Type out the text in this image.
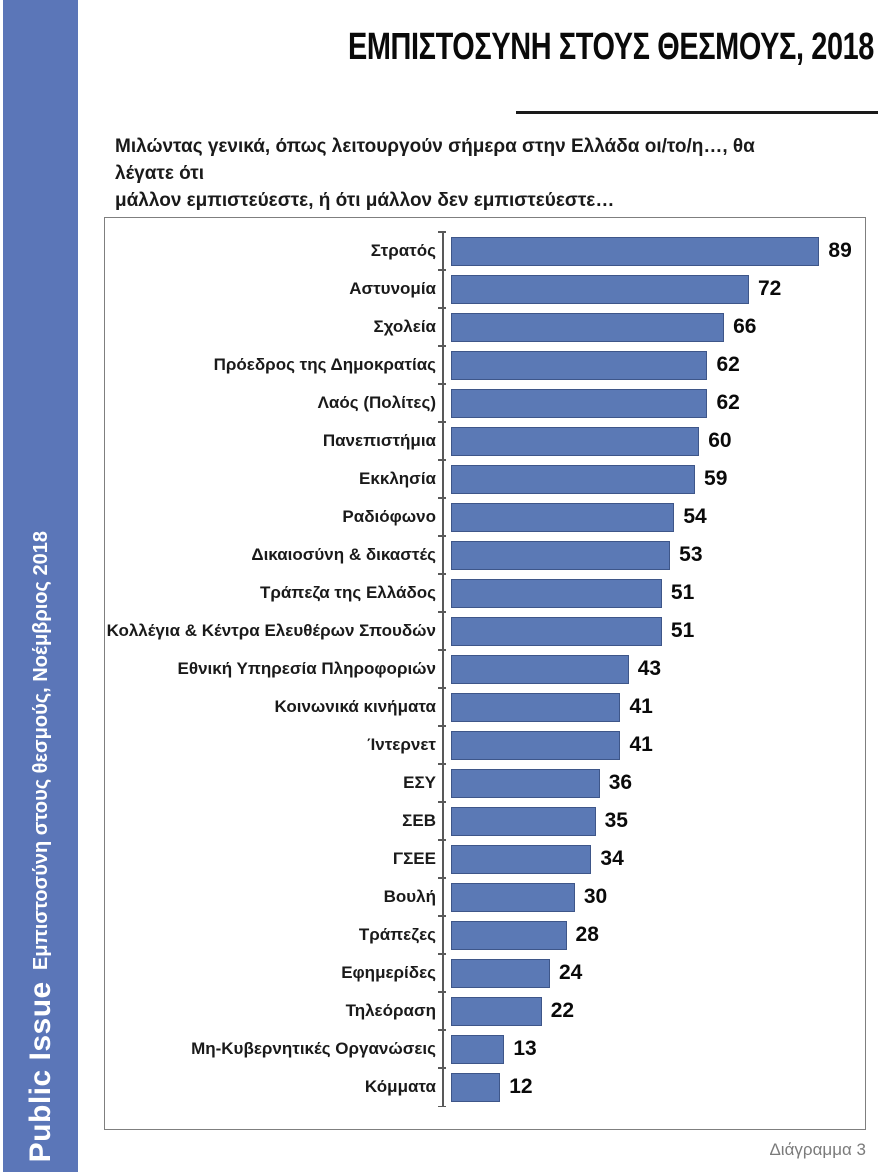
Public Issue  Εμπιστοσύνη στους θεσμούς, Νοέμβριος 2018
ΕΜΠΙΣΤΟΣΥΝΗ ΣΤΟΥΣ ΘΕΣΜΟΥΣ, 2018
Μιλώντας γενικά, όπως λειτουργούν σήμερα στην Ελλάδα οι/το/η…, θα λέγατε ότι
μάλλον εμπιστεύεστε, ή ότι μάλλον δεν εμπιστεύεστε…
Στρατός	89
Αστυνομία	72
Σχολεία	66
Πρόεδρος της Δημοκρατίας	62
Λαός (Πολίτες)	62
Πανεπιστήμια	60
Εκκλησία	59
Ραδιόφωνο	54
Δικαιοσύνη & δικαστές	53
Τράπεζα της Ελλάδος	51
Κολλέγια & Κέντρα Ελευθέρων Σπουδών	51
Εθνική Υπηρεσία Πληροφοριών	43
Κοινωνικά κινήματα	41
Ίντερνετ	41
ΕΣΥ	36
ΣΕΒ	35
ΓΣΕΕ	34
Βουλή	30
Τράπεζες	28
Εφημερίδες	24
Τηλεόραση	22
Μη-Κυβερνητικές Οργανώσεις	13
Κόμματα	12
Διάγραμμα 3
